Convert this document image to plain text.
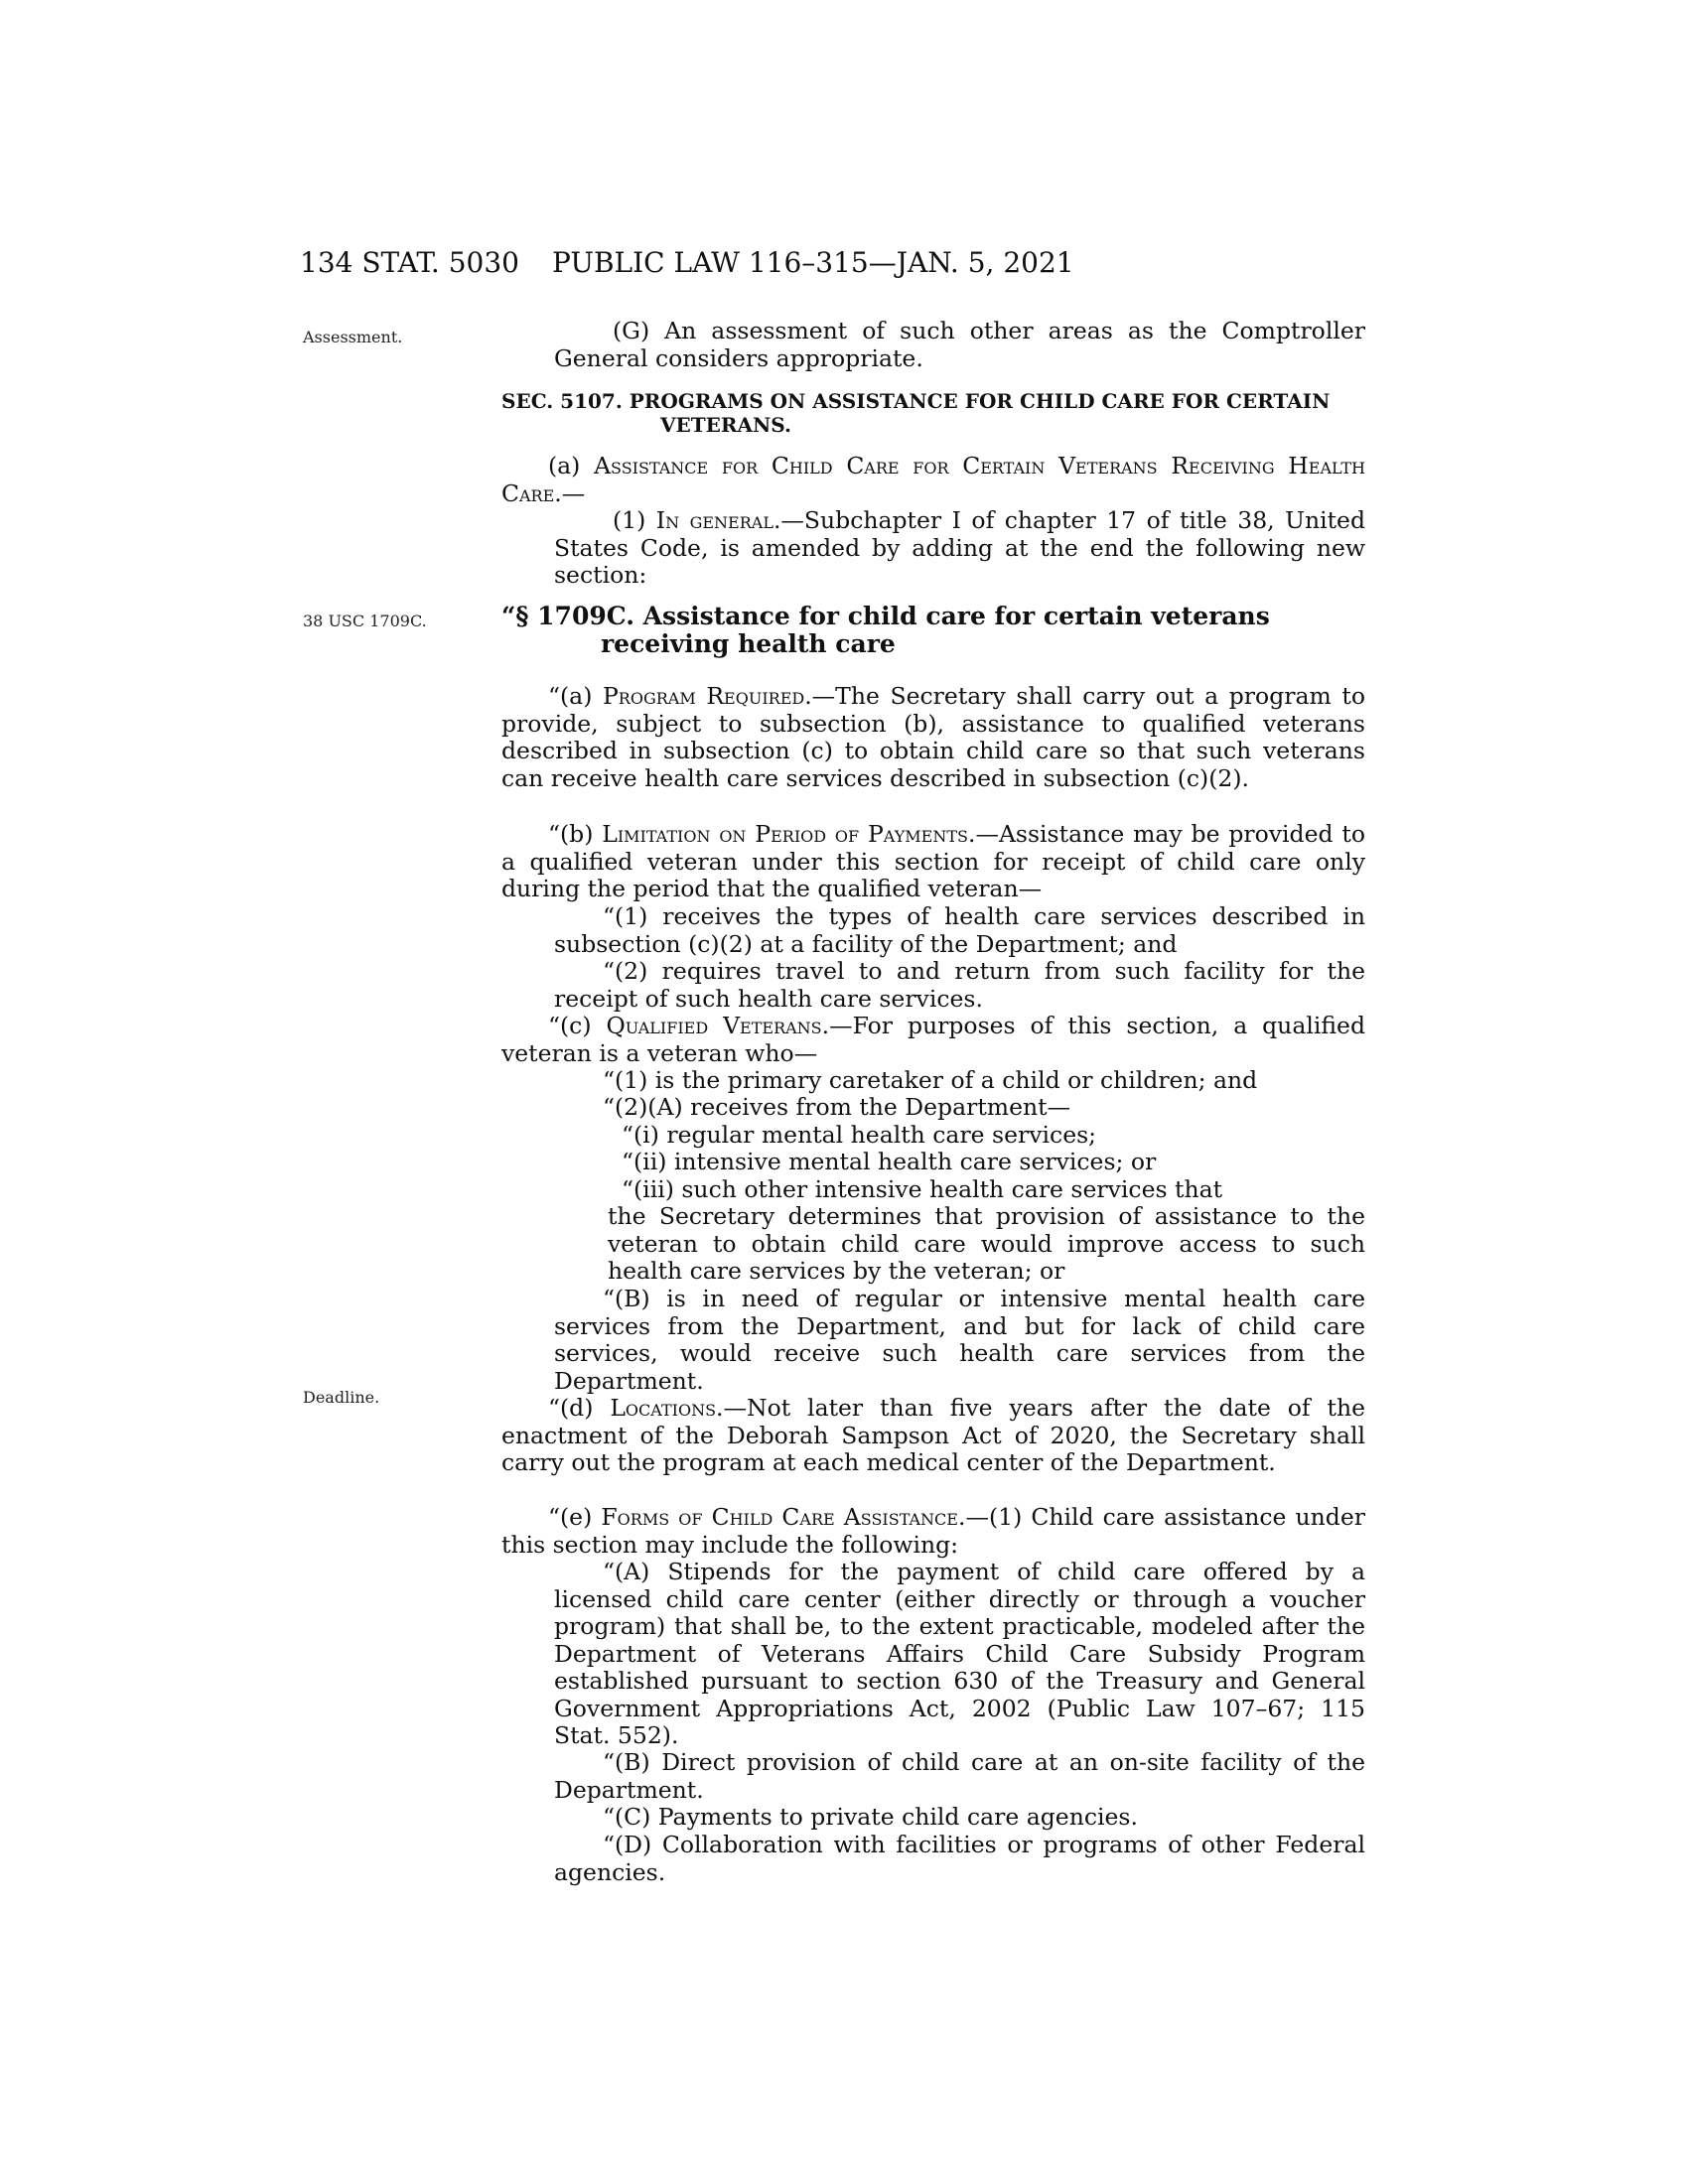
134 STAT. 5030 PUBLIC LAW 116–315—JAN. 5, 2021
Assessment.
38 USC 1709C.
Deadline.
(G) An assessment of such other areas as the Comptroller General considers appropriate.
SEC. 5107. PROGRAMS ON ASSISTANCE FOR CHILD CARE FOR CERTAIN
VETERANS.
(a) Assistance for Child Care for Certain Veterans Receiving Health Care.—
(1) In general.—Subchapter I of chapter 17 of title 38, United States Code, is amended by adding at the end the following new section:
“§ 1709C. Assistance for child care for certain veterans
receiving health care
“(a) Program Required.—The Secretary shall carry out a program to provide, subject to subsection (b), assistance to qualified veterans described in subsection (c) to obtain child care so that such veterans can receive health care services described in subsection (c)(2).
“(b) Limitation on Period of Payments.—Assistance may be provided to a qualified veteran under this section for receipt of child care only during the period that the qualified veteran—
“(1) receives the types of health care services described in subsection (c)(2) at a facility of the Department; and
“(2) requires travel to and return from such facility for the receipt of such health care services.
“(c) Qualified Veterans.—For purposes of this section, a qualified veteran is a veteran who—
“(1) is the primary caretaker of a child or children; and
“(2)(A) receives from the Department—
“(i) regular mental health care services;
“(ii) intensive mental health care services; or
“(iii) such other intensive health care services that
the Secretary determines that provision of assistance to the veteran to obtain child care would improve access to such health care services by the veteran; or
“(B) is in need of regular or intensive mental health care services from the Department, and but for lack of child care services, would receive such health care services from the Department.
“(d) Locations.—Not later than five years after the date of the enactment of the Deborah Sampson Act of 2020, the Secretary shall carry out the program at each medical center of the Department.
“(e) Forms of Child Care Assistance.—(1) Child care assistance under this section may include the following:
“(A) Stipends for the payment of child care offered by a licensed child care center (either directly or through a voucher program) that shall be, to the extent practicable, modeled after the Department of Veterans Affairs Child Care Subsidy Program established pursuant to section 630 of the Treasury and General Government Appropriations Act, 2002 (Public Law 107–67; 115 Stat. 552).
“(B) Direct provision of child care at an on-site facility of the Department.
“(C) Payments to private child care agencies.
“(D) Collaboration with facilities or programs of other Federal agencies.
